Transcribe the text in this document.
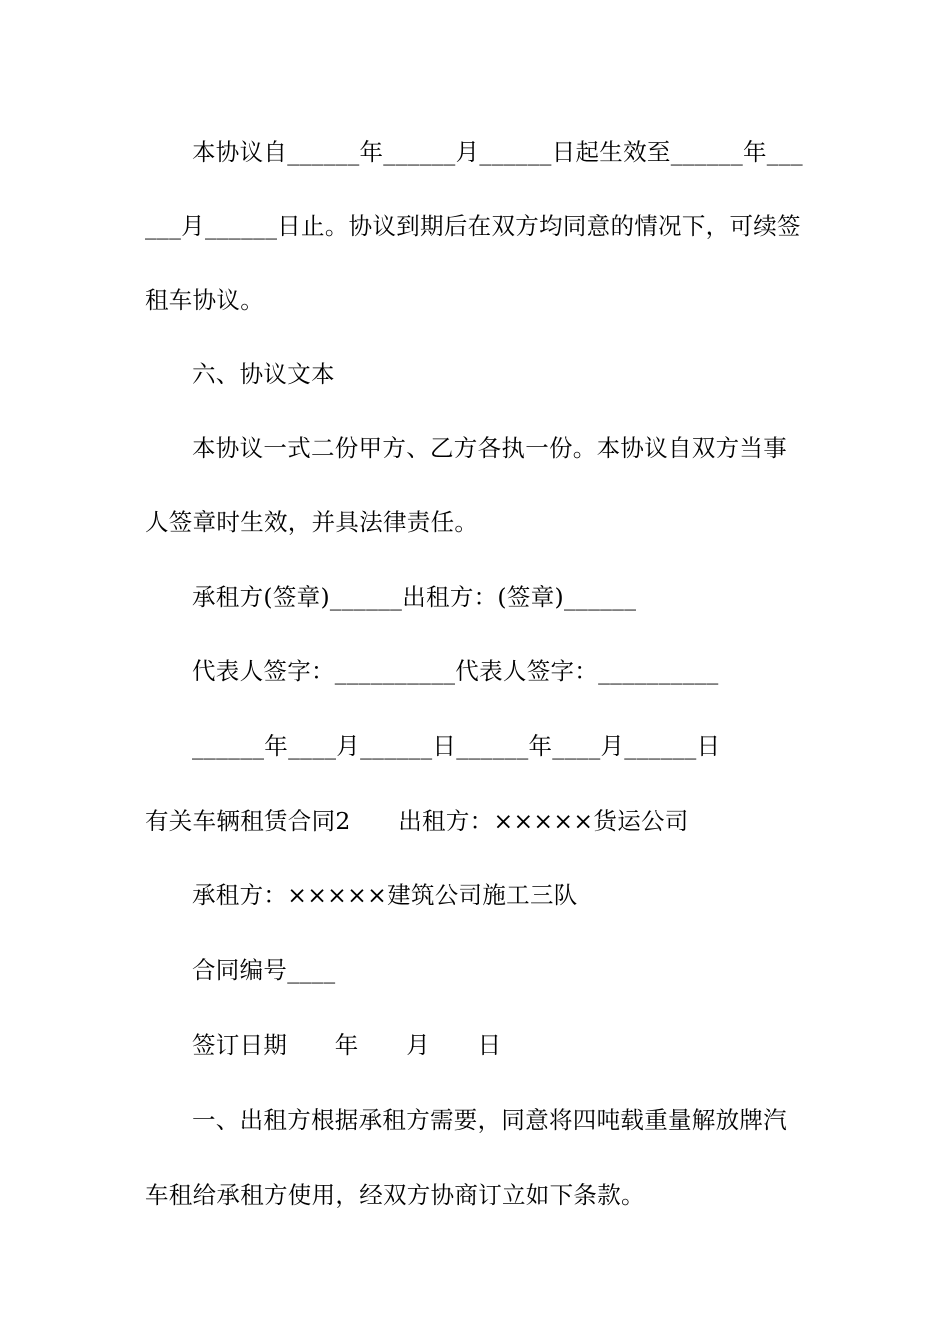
本协议自______年______月______日起生效至______年___
___月______日止。协议到期后在双方均同意的情况下，可续签
租车协议。
六、协议文本
本协议一式二份甲方、乙方各执一份。本协议自双方当事
人签章时生效，并具法律责任。
承租方(签章)______出租方：(签章)______
代表人签字：__________代表人签字：__________
______年____月______日______年____月______日
有关车辆租赁合同2　　出租方：×××××货运公司
承租方：×××××建筑公司施工三队
合同编号____
签订日期　　年　　月　　日
一、出租方根据承租方需要，同意将四吨载重量解放牌汽
车租给承租方使用，经双方协商订立如下条款。
